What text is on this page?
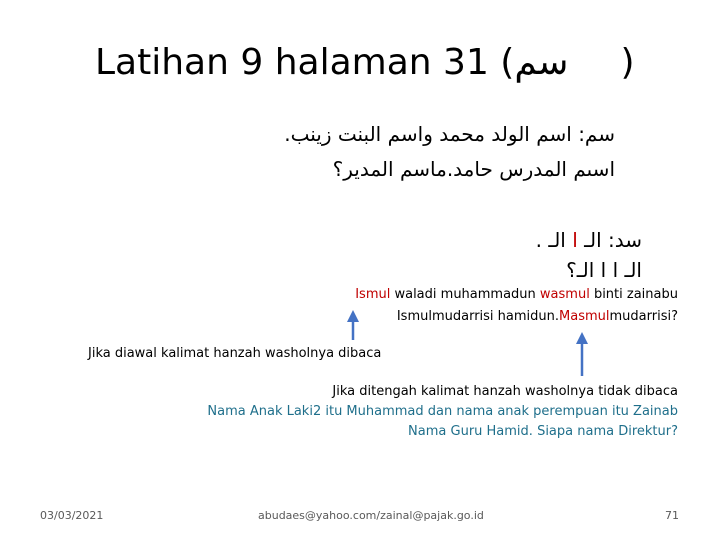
Latihan 9 halaman 31 (سم )
سم: اسم الولد محمد واسم البنت زينب.
اسىم المدرس حامد.ماسم المدير؟
سد: الـ ا الـ .
الـ ا ا الـ؟
Ismul waladi muhammadun wasmul binti zainabu
Ismulmudarrisi hamidun.Masmulmudarrisi?
Jika diawal kalimat hanzah washolnya dibaca
Jika ditengah kalimat hanzah washolnya tidak dibaca
Nama Anak Laki2 itu Muhammad dan nama anak perempuan itu Zainab
Nama Guru Hamid. Siapa nama Direktur?
03/03/2021	abudaes@yahoo.com/zainal@pajak.go.id	71
